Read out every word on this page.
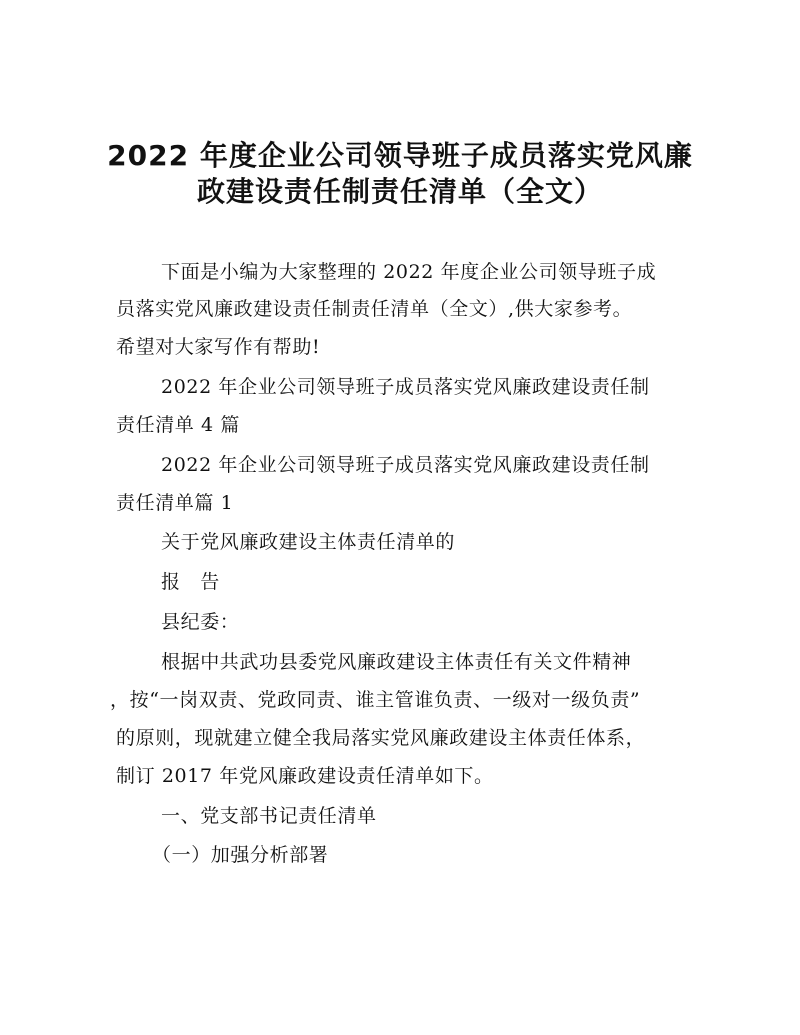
2022 年度企业公司领导班子成员落实党风廉
政建设责任制责任清单（全文）
下面是小编为大家整理的 2022 年度企业公司领导班子成
员落实党风廉政建设责任制责任清单（全文）,供大家参考。
希望对大家写作有帮助!
2022 年企业公司领导班子成员落实党风廉政建设责任制
责任清单 4 篇
2022 年企业公司领导班子成员落实党风廉政建设责任制
责任清单篇 1
关于党风廉政建设主体责任清单的
报　告
县纪委：
根据中共武功县委党风廉政建设主体责任有关文件精神
，按“一岗双责、党政同责、谁主管谁负责、一级对一级负责”
的原则，现就建立健全我局落实党风廉政建设主体责任体系，
制订 2017 年党风廉政建设责任清单如下。
一、党支部书记责任清单
（一）加强分析部署
